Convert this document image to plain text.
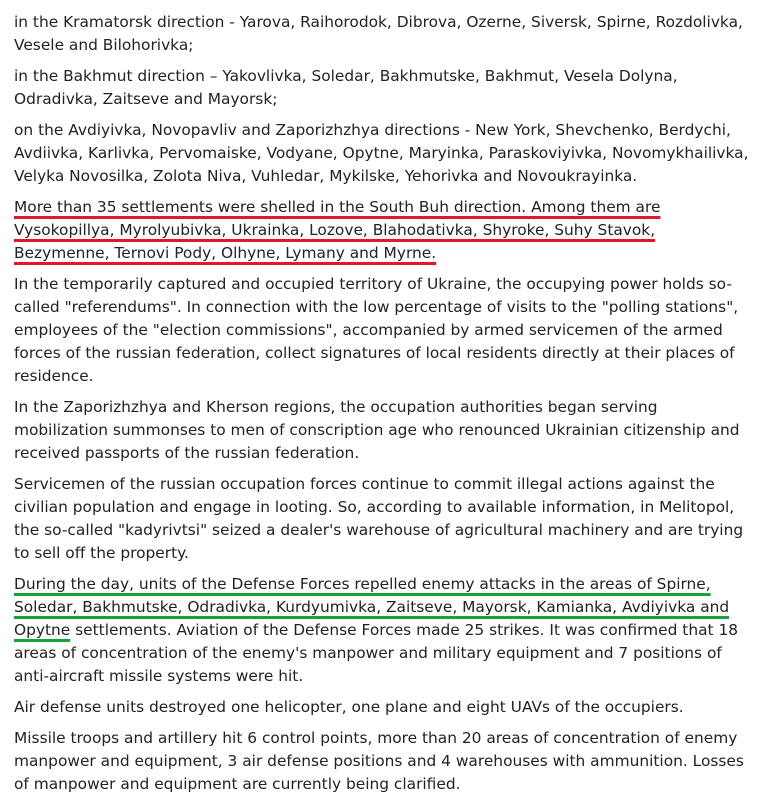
in the Kramatorsk direction - Yarova, Raihorodok, Dibrova, Ozerne, Siversk, Spirne, Rozdolivka, Vesele and Bilohorivka;

in the Bakhmut direction – Yakovlivka, Soledar, Bakhmutske, Bakhmut, Vesela Dolyna, Odradivka, Zaitseve and Mayorsk;

on the Avdiyivka, Novopavliv and Zaporizhzhya directions - New York, Shevchenko, Berdychi, Avdiivka, Karlivka, Pervomaiske, Vodyane, Opytne, Maryinka, Paraskoviyivka, Novomykhailivka, Velyka Novosilka, Zolota Niva, Vuhledar, Mykilske, Yehorivka and Novoukrayinka.

More than 35 settlements were shelled in the South Buh direction. Among them are Vysokopillya, Myrolyubivka, Ukrainka, Lozove, Blahodativka, Shyroke, Suhy Stavok, Bezymenne, Ternovi Pody, Olhyne, Lymany and Myrne.

In the temporarily captured and occupied territory of Ukraine, the occupying power holds so-called "referendums". In connection with the low percentage of visits to the "polling stations", employees of the "election commissions", accompanied by armed servicemen of the armed forces of the russian federation, collect signatures of local residents directly at their places of residence.

In the Zaporizhzhya and Kherson regions, the occupation authorities began serving mobilization summonses to men of conscription age who renounced Ukrainian citizenship and received passports of the russian federation.

Servicemen of the russian occupation forces continue to commit illegal actions against the civilian population and engage in looting. So, according to available information, in Melitopol, the so-called "kadyrivtsi" seized a dealer's warehouse of agricultural machinery and are trying to sell off the property.

During the day, units of the Defense Forces repelled enemy attacks in the areas of Spirne, Soledar, Bakhmutske, Odradivka, Kurdyumivka, Zaitseve, Mayorsk, Kamianka, Avdiyivka and Opytne settlements. Aviation of the Defense Forces made 25 strikes. It was confirmed that 18 areas of concentration of the enemy's manpower and military equipment and 7 positions of anti-aircraft missile systems were hit.

Air defense units destroyed one helicopter, one plane and eight UAVs of the occupiers.

Missile troops and artillery hit 6 control points, more than 20 areas of concentration of enemy manpower and equipment, 3 air defense positions and 4 warehouses with ammunition. Losses of manpower and equipment are currently being clarified.
